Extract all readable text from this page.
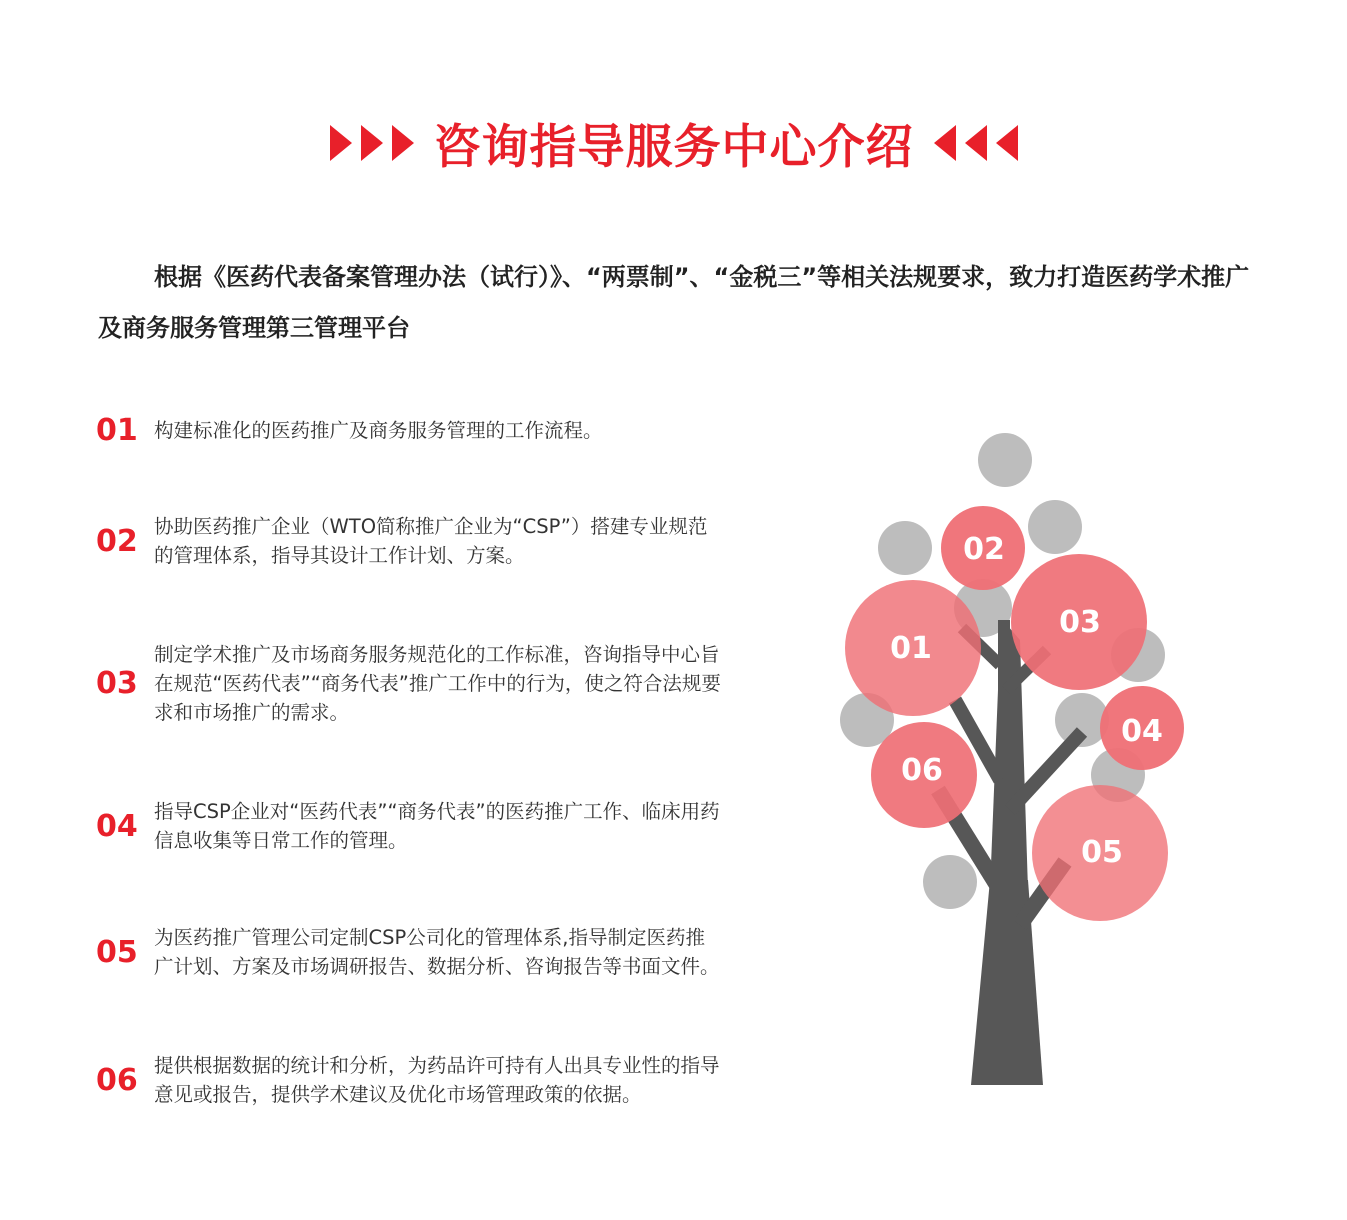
咨询指导服务中心介绍
根据《医药代表备案管理办法（试行）》、“两票制”、“金税三”等相关法规要求，致力打造医药学术推广及商务服务管理第三管理平台
01 构建标准化的医药推广及商务服务管理的工作流程。
02 协助医药推广企业（WTO简称推广企业为“CSP”）搭建专业规范的管理体系，指导其设计工作计划、方案。
03
制定学术推广及市场商务服务规范化的工作标准，咨询指导中心旨在规范“医药代表”“商务代表”推广工作中的行为，使之符合法规要求和市场推广的需求。
04 指导CSP企业对“医药代表”“商务代表”的医药推广工作、临床用药信息收集等日常工作的管理。
05 为医药推广管理公司定制CSP公司化的管理体系,指导制定医药推广计划、方案及市场调研报告、数据分析、咨询报告等书面文件。
06 提供根据数据的统计和分析，为药品许可持有人出具专业性的指导意见或报告，提供学术建议及优化市场管理政策的依据。
01
02
03
04
05
06
